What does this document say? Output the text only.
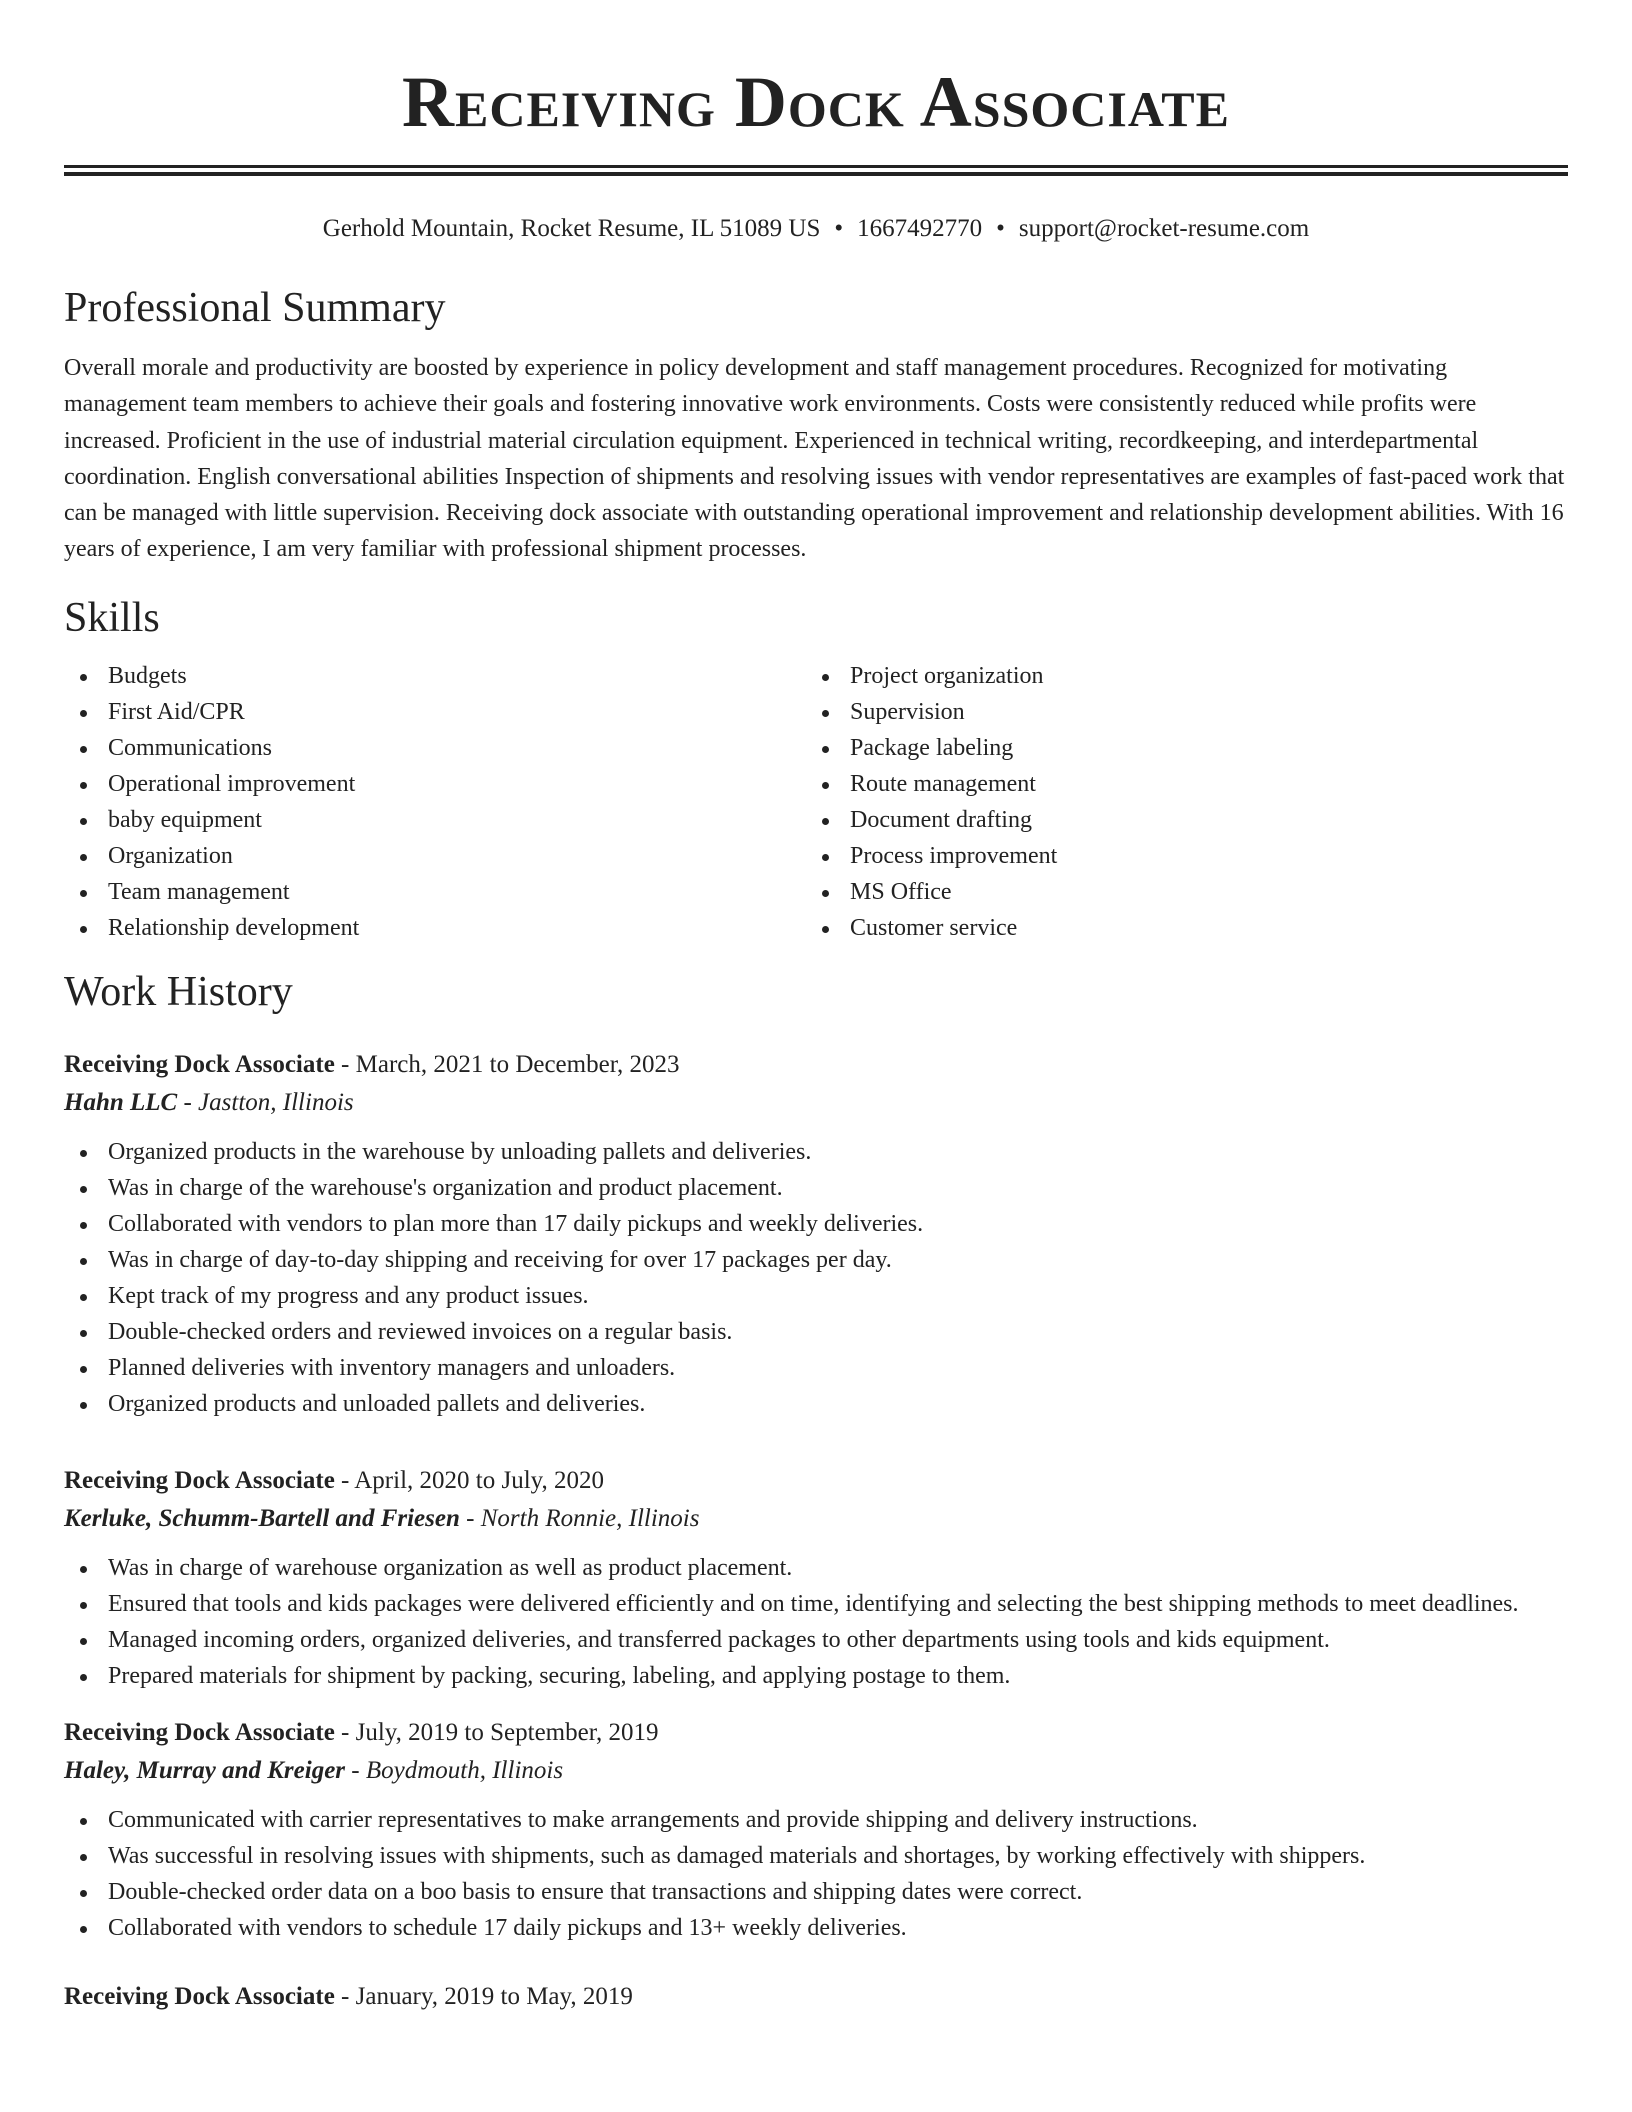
Receiving Dock Associate
Gerhold Mountain, Rocket Resume, IL 51089 US • 1667492770 • support@rocket-resume.com
Professional Summary

Overall morale and productivity are boosted by experience in policy development and staff management procedures. Recognized for motivating management team members to achieve their goals and fostering innovative work environments. Costs were consistently reduced while profits were increased. Proficient in the use of industrial material circulation equipment. Experienced in technical writing, recordkeeping, and interdepartmental coordination. English conversational abilities Inspection of shipments and resolving issues with vendor representatives are examples of fast-paced work that can be managed with little supervision. Receiving dock associate with outstanding operational improvement and relationship development abilities. With 16 years of experience, I am very familiar with professional shipment processes.

Skills
Budgets
First Aid/CPR
Communications
Operational improvement
baby equipment
Organization
Team management
Relationship development
Project organization
Supervision
Package labeling
Route management
Document drafting
Process improvement
MS Office
Customer service
Work History
Receiving Dock Associate - March, 2021 to December, 2023
Hahn LLC - Jastton, Illinois
Organized products in the warehouse by unloading pallets and deliveries.
Was in charge of the warehouse's organization and product placement.
Collaborated with vendors to plan more than 17 daily pickups and weekly deliveries.
Was in charge of day-to-day shipping and receiving for over 17 packages per day.
Kept track of my progress and any product issues.
Double-checked orders and reviewed invoices on a regular basis.
Planned deliveries with inventory managers and unloaders.
Organized products and unloaded pallets and deliveries.
Receiving Dock Associate - April, 2020 to July, 2020
Kerluke, Schumm-Bartell and Friesen - North Ronnie, Illinois
Was in charge of warehouse organization as well as product placement.
Ensured that tools and kids packages were delivered efficiently and on time, identifying and selecting the best shipping methods to meet deadlines.
Managed incoming orders, organized deliveries, and transferred packages to other departments using tools and kids equipment.
Prepared materials for shipment by packing, securing, labeling, and applying postage to them.
Receiving Dock Associate - July, 2019 to September, 2019
Haley, Murray and Kreiger - Boydmouth, Illinois
Communicated with carrier representatives to make arrangements and provide shipping and delivery instructions.
Was successful in resolving issues with shipments, such as damaged materials and shortages, by working effectively with shippers.
Double-checked order data on a boo basis to ensure that transactions and shipping dates were correct.
Collaborated with vendors to schedule 17 daily pickups and 13+ weekly deliveries.
Receiving Dock Associate - January, 2019 to May, 2019
